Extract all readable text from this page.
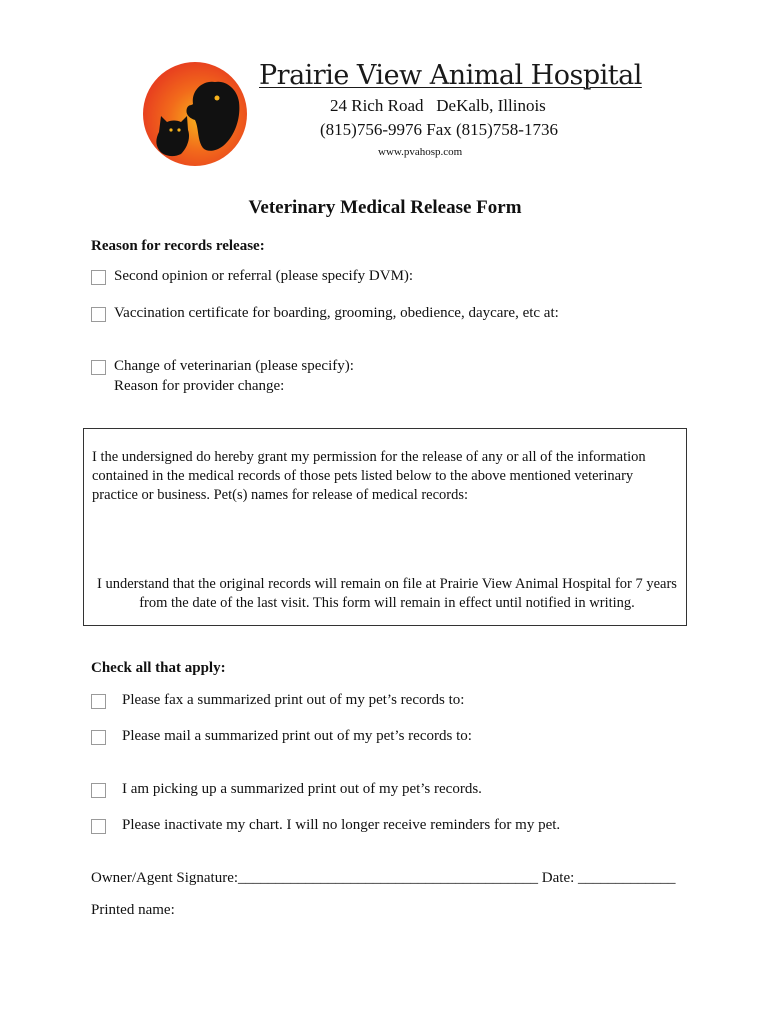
Prairie View Animal Hospital
24 Rich Road   DeKalb, Illinois
(815)756-9976 Fax (815)758-1736
www.pvahosp.com
Veterinary Medical Release Form
Reason for records release:
Second opinion or referral (please specify DVM):
Vaccination certificate for boarding, grooming, obedience, daycare, etc at:
Change of veterinarian (please specify):
Reason for provider change:
I the undersigned do hereby grant my permission for the release of any or all of the information contained in the medical records of those pets listed below to the above mentioned veterinary practice or business. Pet(s) names for release of medical records:
I understand that the original records will remain on file at Prairie View Animal Hospital for 7 years from the date of the last visit. This form will remain in effect until notified in writing.
Check all that apply:
Please fax a summarized print out of my pet’s records to:
Please mail a summarized print out of my pet’s records to:
I am picking up a summarized print out of my pet’s records.
Please inactivate my chart. I will no longer receive reminders for my pet.
Owner/Agent Signature:________________________________________ Date: _____________
Printed name:
